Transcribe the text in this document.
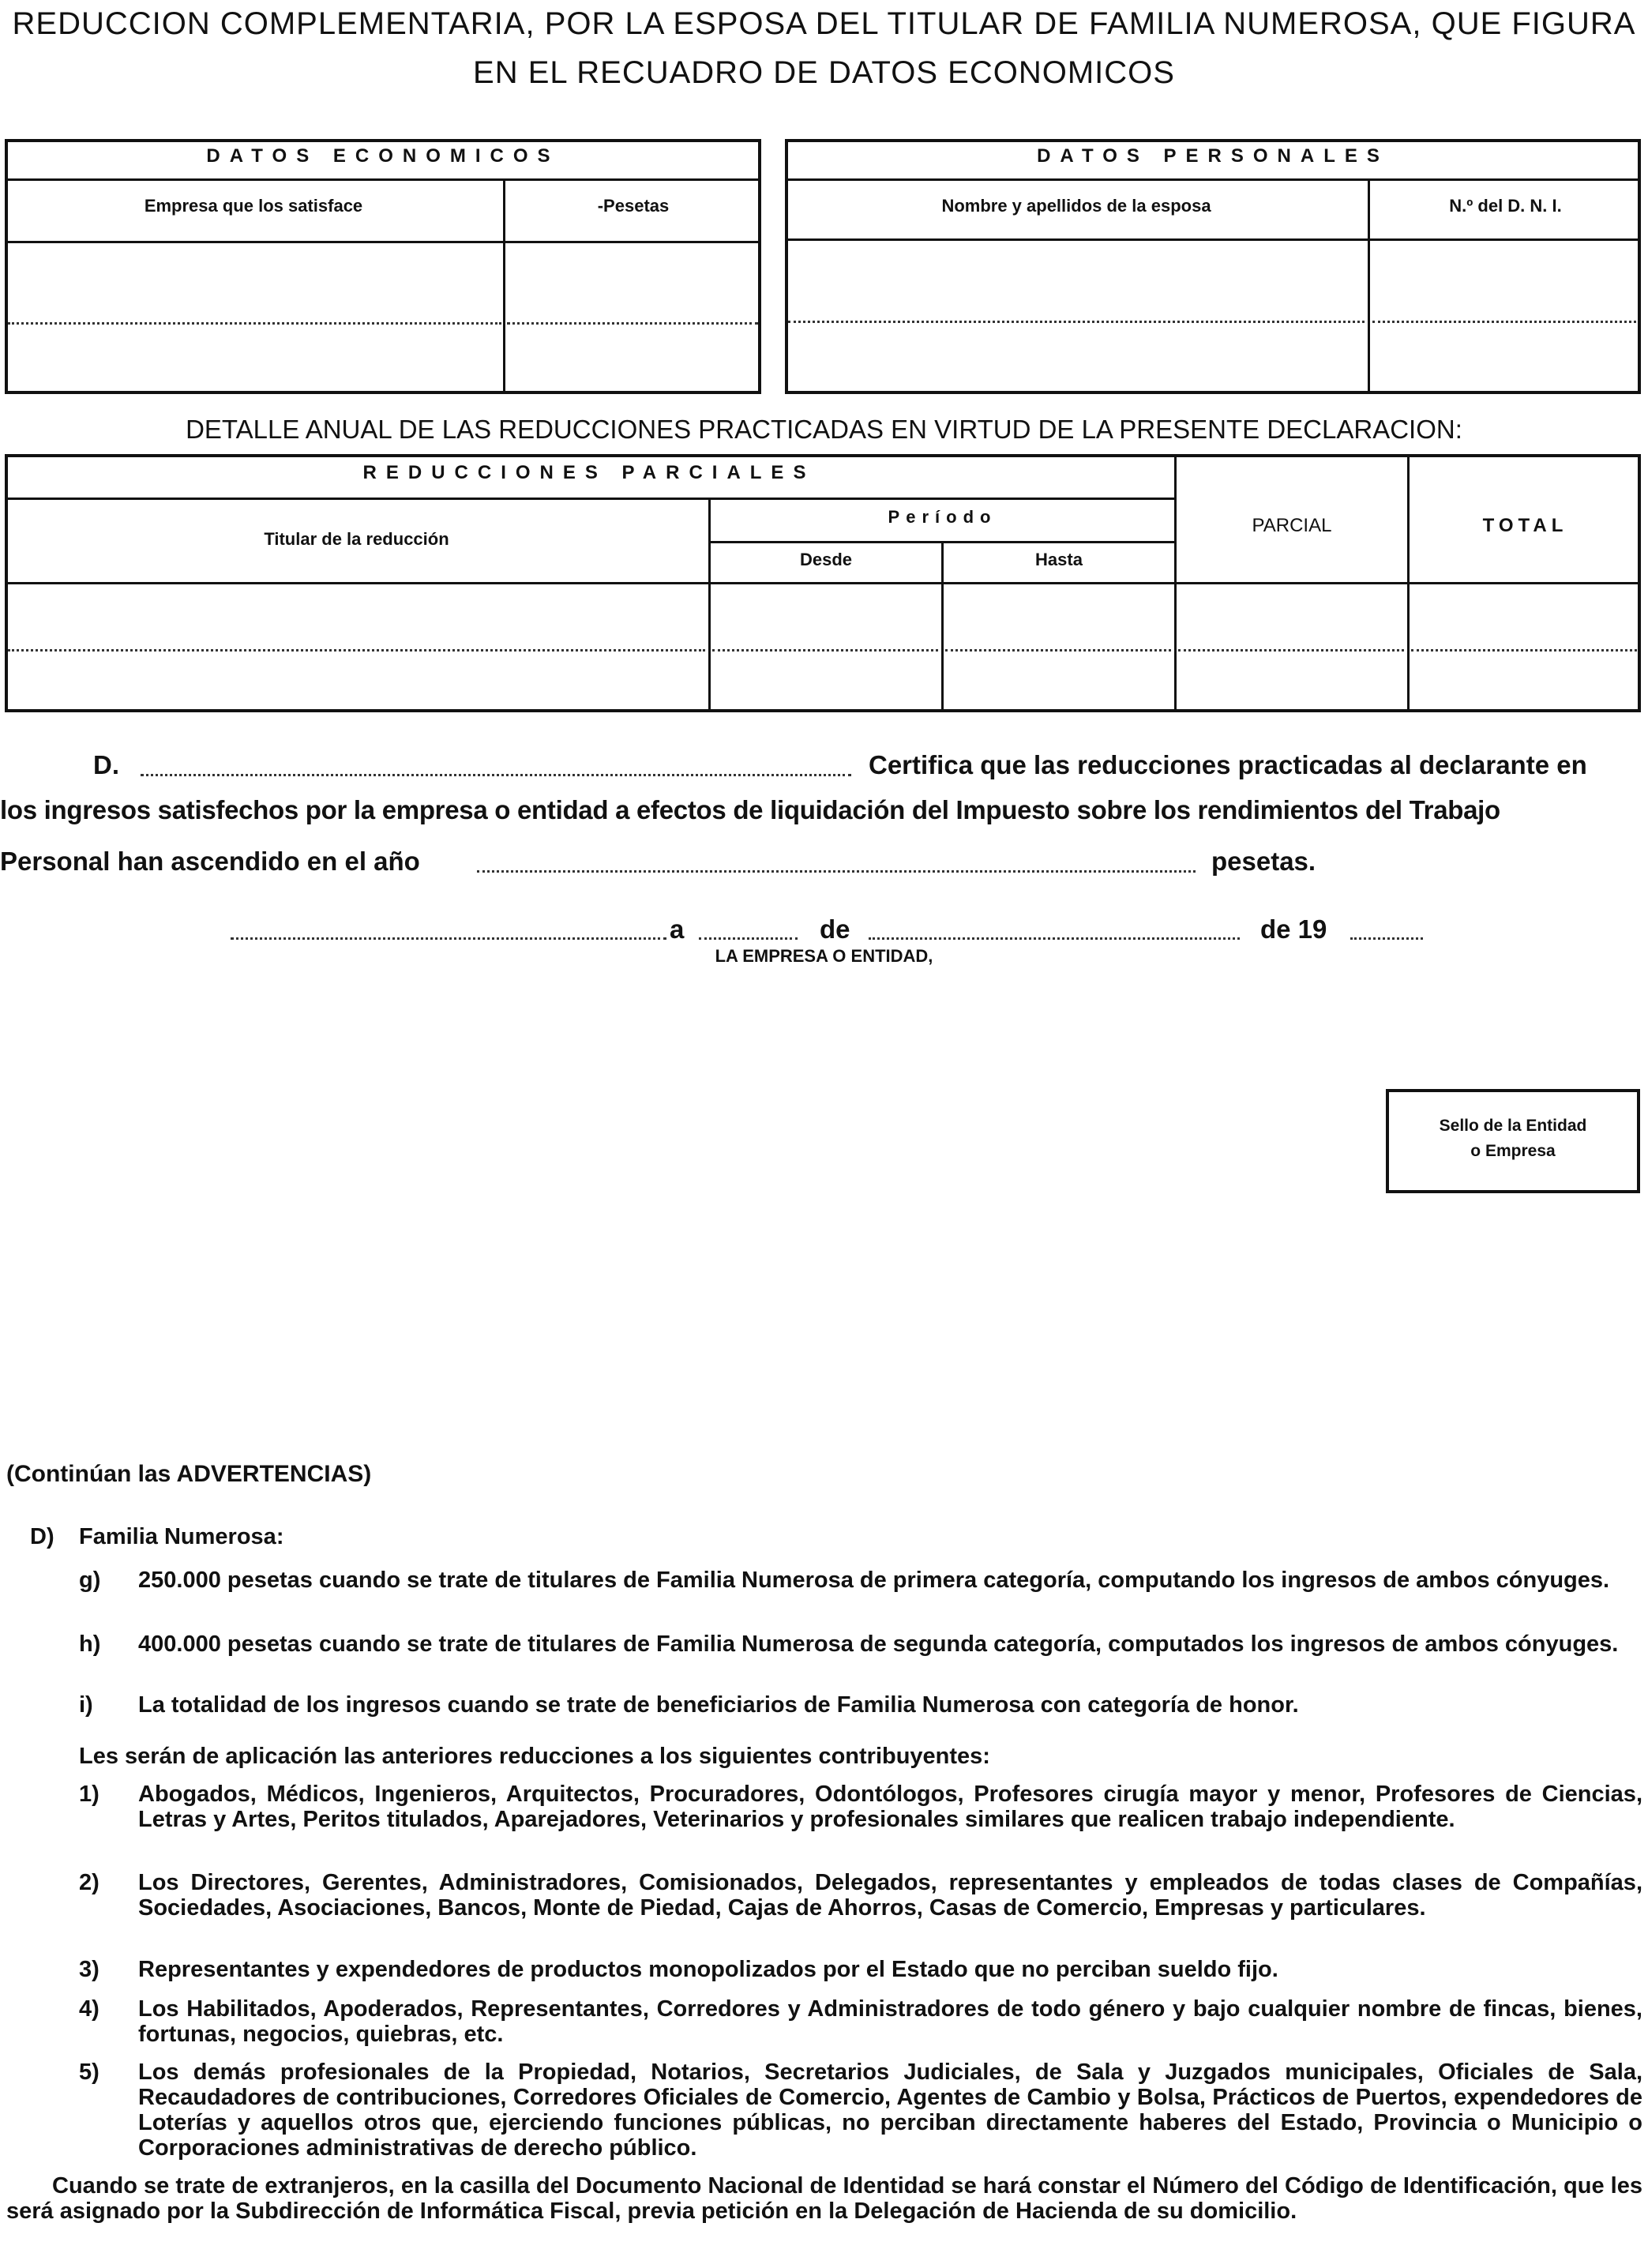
REDUCCION COMPLEMENTARIA, POR LA ESPOSA DEL TITULAR DE FAMILIA NUMEROSA, QUE FIGURA
EN EL RECUADRO DE DATOS ECONOMICOS
DATOS ECONOMICOS
Empresa que los satisface	-Pesetas
DATOS PERSONALES
Nombre y apellidos de la esposa	N.º del D. N. I.
DETALLE ANUAL DE LAS REDUCCIONES PRACTICADAS EN VIRTUD DE LA PRESENTE DECLARACION:
REDUCCIONES PARCIALES
Titular de la reducción
Período
Desde	Hasta
PARCIAL	TOTAL
D.	Certifica que las reducciones practicadas al declarante en
los ingresos satisfechos por la empresa o entidad a efectos de liquidación del Impuesto sobre los rendimientos del Trabajo
Personal han ascendido en el año	pesetas.
a	de	de 19
LA EMPRESA O ENTIDAD,
Sello de la Entidad
o Empresa
(Continúan las ADVERTENCIAS)
D) Familia Numerosa:
g) 250.000 pesetas cuando se trate de titulares de Familia Numerosa de primera categoría, computando los ingresos de ambos cónyuges.
h) 400.000 pesetas cuando se trate de titulares de Familia Numerosa de segunda categoría, computados los ingresos de ambos cónyuges.
i) La totalidad de los ingresos cuando se trate de beneficiarios de Familia Numerosa con categoría de honor.
Les serán de aplicación las anteriores reducciones a los siguientes contribuyentes:
1) Abogados, Médicos, Ingenieros, Arquitectos, Procuradores, Odontólogos, Profesores cirugía mayor y menor, Profesores de Ciencias, Letras y Artes, Peritos titulados, Aparejadores, Veterinarios y profesionales similares que realicen trabajo independiente.
2) Los Directores, Gerentes, Administradores, Comisionados, Delegados, representantes y empleados de todas clases de Compañías, Sociedades, Asociaciones, Bancos, Monte de Piedad, Cajas de Ahorros, Casas de Comercio, Empresas y particulares.
3) Representantes y expendedores de productos monopolizados por el Estado que no perciban sueldo fijo.
4) Los Habilitados, Apoderados, Representantes, Corredores y Administradores de todo género y bajo cualquier nombre de fincas, bienes, fortunas, negocios, quiebras, etc.
5) Los demás profesionales de la Propiedad, Notarios, Secretarios Judiciales, de Sala y Juzgados municipales, Oficiales de Sala, Recaudadores de contribuciones, Corredores Oficiales de Comercio, Agentes de Cambio y Bolsa, Prácticos de Puertos, expendedores de Loterías y aquellos otros que, ejerciendo funciones públicas, no perciban directamente haberes del Estado, Provincia o Municipio o Corporaciones administrativas de derecho público.
Cuando se trate de extranjeros, en la casilla del Documento Nacional de Identidad se hará constar el Número del Código de Identificación, que les será asignado por la Subdirección de Informática Fiscal, previa petición en la Delegación de Hacienda de su domicilio.
